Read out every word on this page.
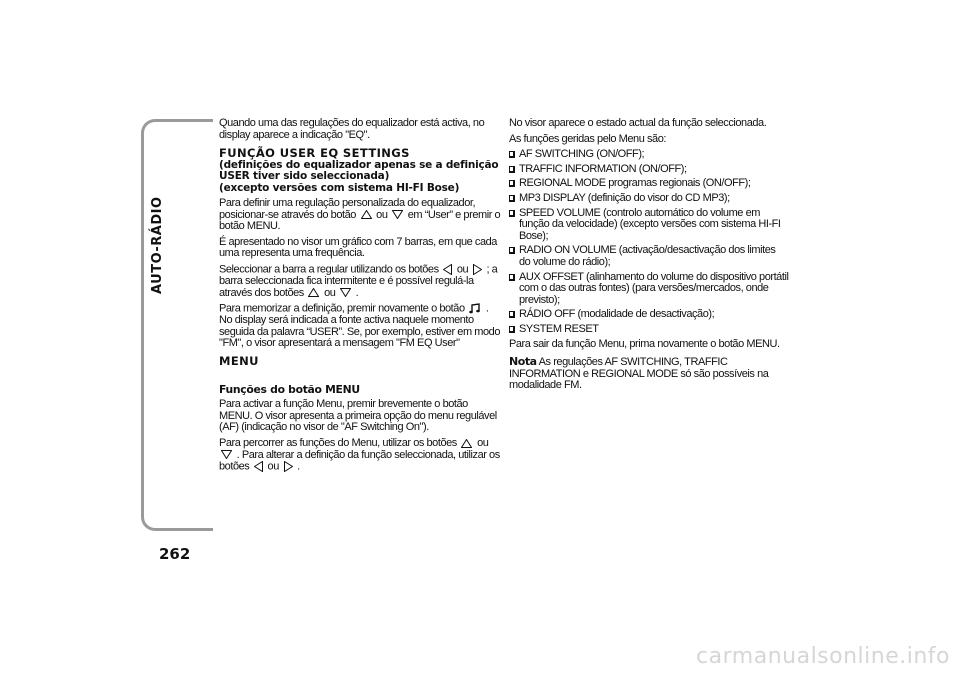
AUTO-RÁDIO
262

Quando uma das regulações do equalizador está activa, no display aparece a indicação "EQ".

FUNÇÃO USER EQ SETTINGS
(definições do equalizador apenas se a definição USER tiver sido seleccionada)
(excepto versões com sistema HI-FI Bose)

Para definir uma regulação personalizada do equalizador, posicionar-se através do botão ou em “User” e premir o botão MENU.

É apresentado no visor um gráfico com 7 barras, em que cada uma representa uma frequência.

Seleccionar a barra a regular utilizando os botões ou ; a barra seleccionada fica intermitente e é possível regulá-la através dos botões ou .

Para memorizar a definição, premir novamente o botão . No display será indicada a fonte activa naquele momento seguida da palavra “USER”. Se, por exemplo, estiver em modo "FM", o visor apresentará a mensagem "FM EQ User"

MENU
Funções do botão MENU

Para activar a função Menu, premir brevemente o botão MENU. O visor apresenta a primeira opção do menu regulável (AF) (indicação no visor de "AF Switching On").

Para percorrer as funções do Menu, utilizar os botões ou  . Para alterar a definição da função seleccionada, utilizar os botões ou .

No visor aparece o estado actual da função seleccionada.

As funções geridas pelo Menu são:

AF SWITCHING (ON/OFF);
TRAFFIC INFORMATION (ON/OFF);
REGIONAL MODE programas regionais (ON/OFF);
MP3 DISPLAY (definição do visor do CD MP3);
SPEED VOLUME (controlo automático do volume em função da velocidade) (excepto versões com sistema HI-FI Bose);
RADIO ON VOLUME (activação/desactivação dos limites do volume do rádio);
AUX OFFSET (alinhamento do volume do dispositivo portátil com o das outras fontes) (para versões/mercados, onde previsto);
RÁDIO OFF (modalidade de desactivação);
SYSTEM RESET

Para sair da função Menu, prima novamente o botão MENU.

Nota As regulações AF SWITCHING, TRAFFIC INFORMATION e REGIONAL MODE só são possíveis na modalidade FM.

carmanualsonline.info
